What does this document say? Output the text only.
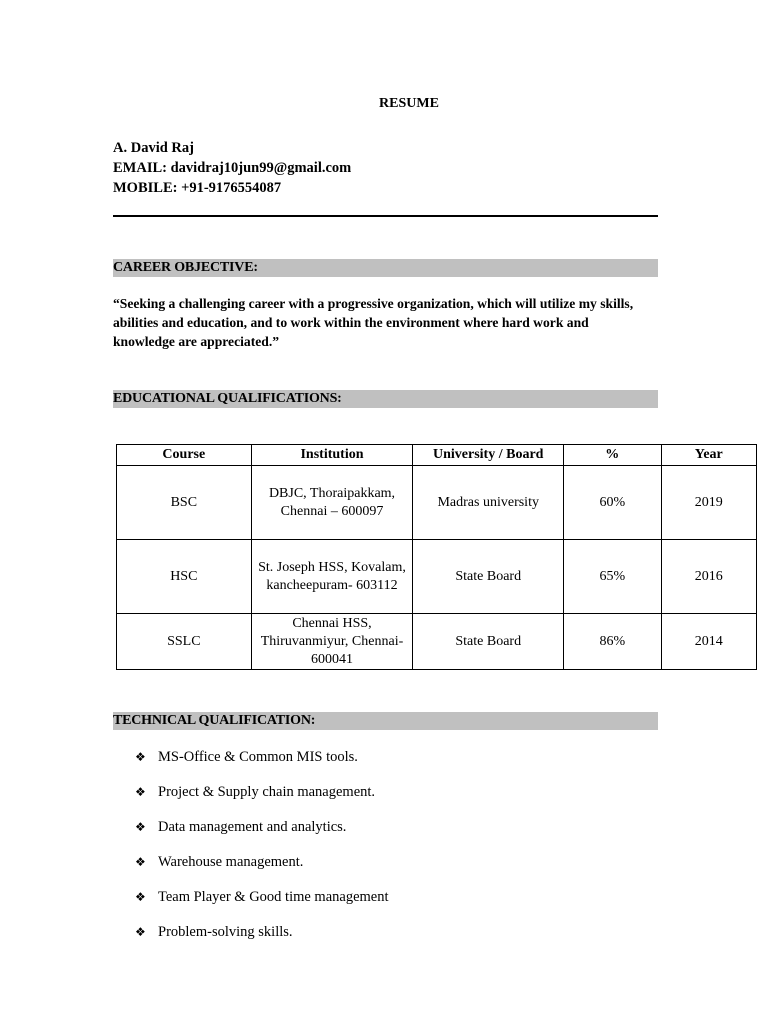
RESUME
A. David Raj
EMAIL: davidraj10jun99@gmail.com
MOBILE: +91-9176554087
CAREER OBJECTIVE:
“Seeking a challenging career with a progressive organization, which will utilize my skills, abilities and education, and to work within the environment where hard work and knowledge are appreciated.”
EDUCATIONAL QUALIFICATIONS:
Course	Institution	University / Board	%	Year
BSC	DBJC, Thoraipakkam, Chennai – 600097	Madras university	60%	2019
HSC	St. Joseph HSS, Kovalam, kancheepuram- 603112	State Board	65%	2016
SSLC	Chennai HSS, Thiruvanmiyur, Chennai- 600041	State Board	86%	2014
TECHNICAL QUALIFICATION:
❖ MS-Office & Common MIS tools.
❖ Project & Supply chain management.
❖ Data management and analytics.
❖ Warehouse management.
❖ Team Player & Good time management
❖ Problem-solving skills.
